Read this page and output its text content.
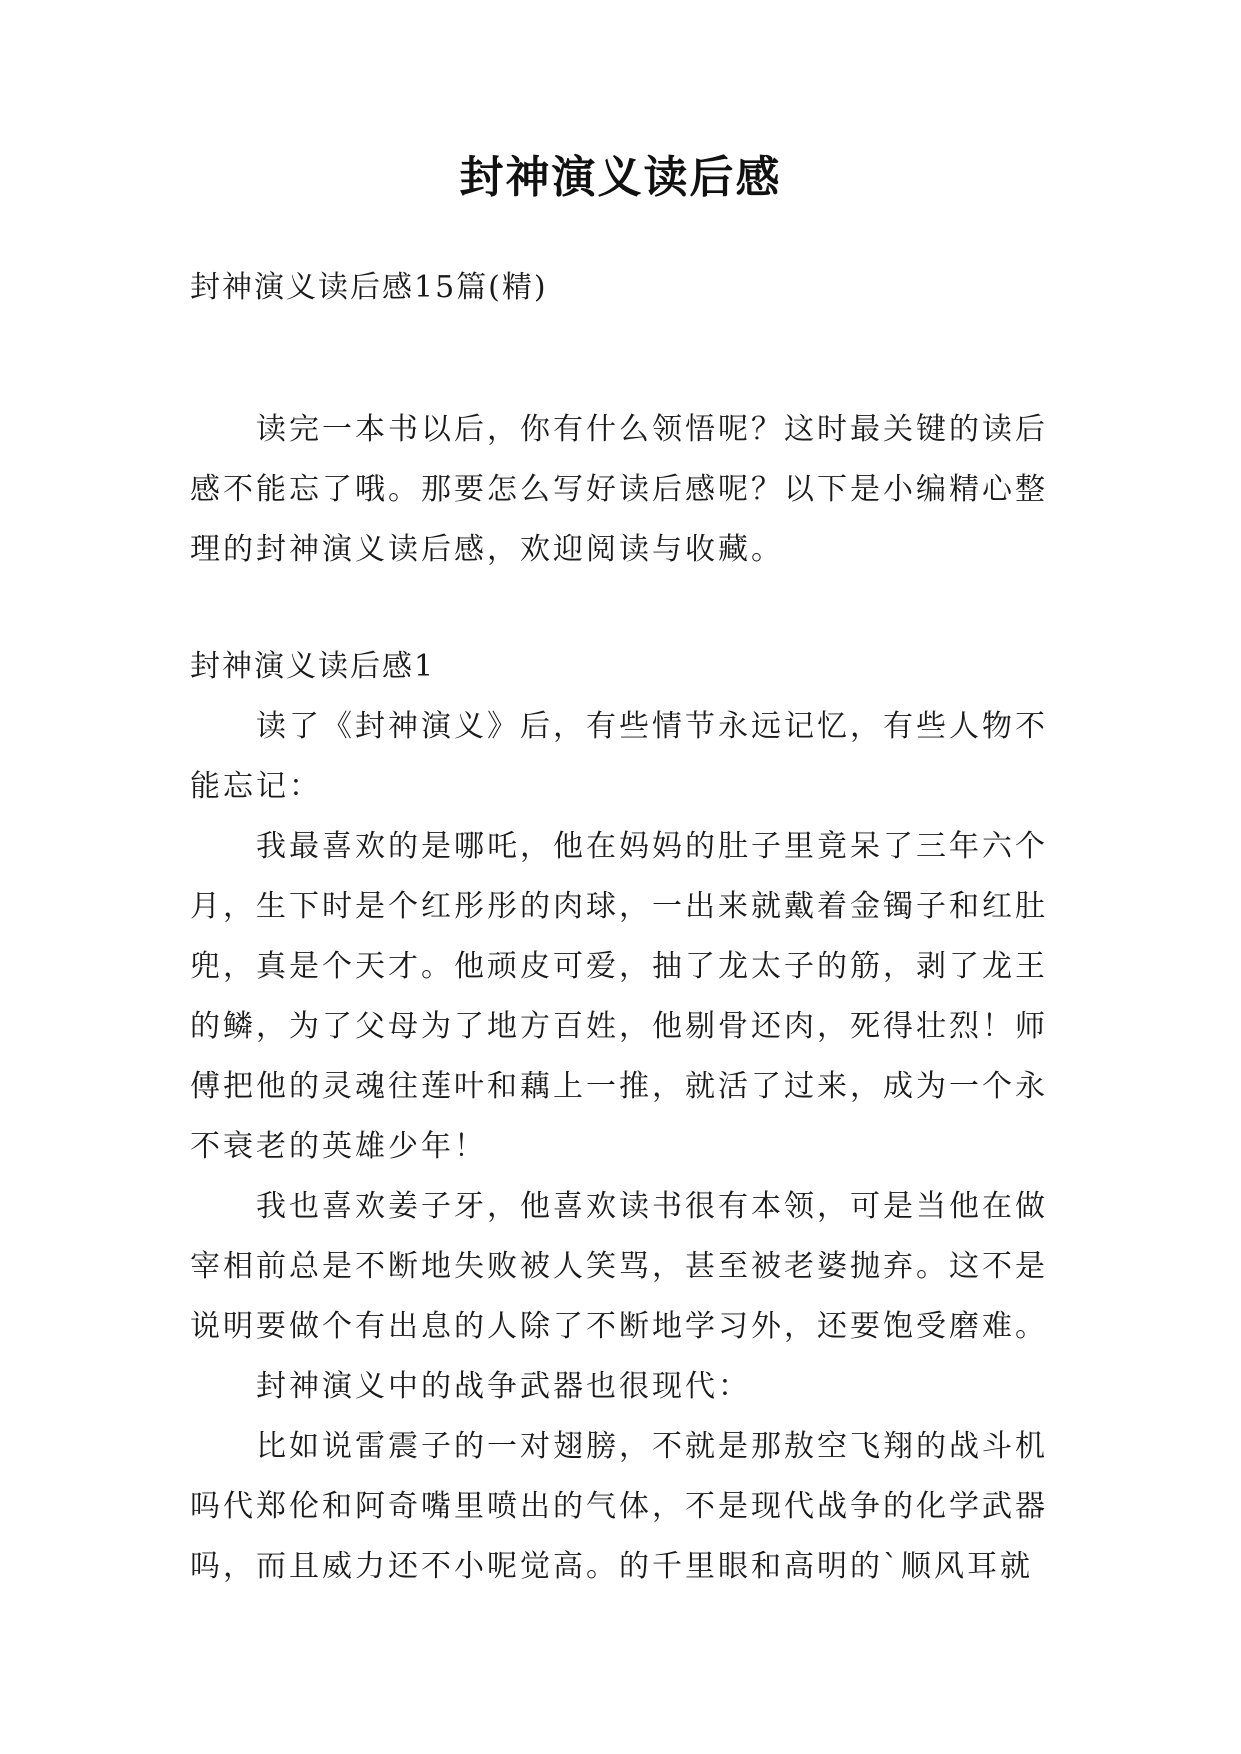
封神演义读后感

封神演义读后感15篇(精)

读完一本书以后，你有什么领悟呢？这时最关键的读后感不能忘了哦。那要怎么写好读后感呢？以下是小编精心整理的封神演义读后感，欢迎阅读与收藏。

封神演义读后感1

读了《封神演义》后，有些情节永远记忆，有些人物不能忘记：

我最喜欢的是哪吒，他在妈妈的肚子里竟呆了三年六个月，生下时是个红彤彤的肉球，一出来就戴着金镯子和红肚兜，真是个天才。他顽皮可爱，抽了龙太子的筋，剥了龙王的鳞，为了父母为了地方百姓，他剔骨还肉，死得壮烈！师傅把他的灵魂往莲叶和藕上一推，就活了过来，成为一个永不衰老的英雄少年！

我也喜欢姜子牙，他喜欢读书很有本领，可是当他在做宰相前总是不断地失败被人笑骂，甚至被老婆抛弃。这不是说明要做个有出息的人除了不断地学习外，还要饱受磨难。

封神演义中的战争武器也很现代：

比如说雷震子的一对翅膀，不就是那敖空飞翔的战斗机吗代郑伦和阿奇嘴里喷出的气体，不是现代战争的化学武器吗，而且威力还不小呢觉高。的千里眼和高明的`顺风耳就
